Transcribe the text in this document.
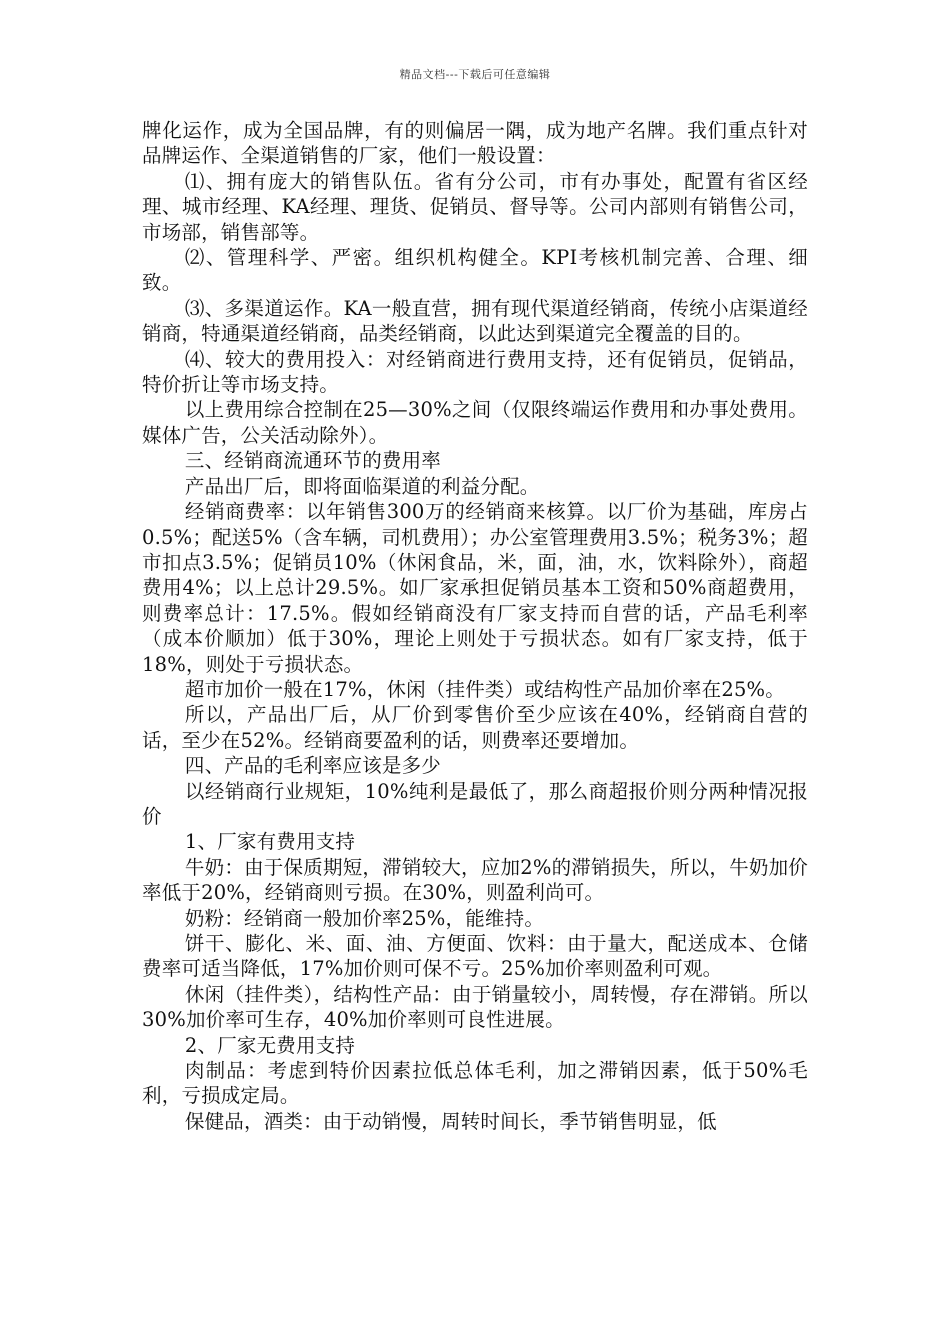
精品文档---下载后可任意编辑

牌化运作，成为全国品牌，有的则偏居一隅，成为地产名牌。我们重点针对品牌运作、全渠道销售的厂家，他们一般设置：

⑴、拥有庞大的销售队伍。省有分公司，市有办事处，配置有省区经理、城市经理、KA经理、理货、促销员、督导等。公司内部则有销售公司，市场部，销售部等。

⑵、管理科学、严密。组织机构健全。KPI考核机制完善、合理、细致。

⑶、多渠道运作。KA一般直营，拥有现代渠道经销商，传统小店渠道经销商，特通渠道经销商，品类经销商，以此达到渠道完全覆盖的目的。

⑷、较大的费用投入：对经销商进行费用支持，还有促销员，促销品，特价折让等市场支持。

以上费用综合控制在25—30%之间（仅限终端运作费用和办事处费用。媒体广告，公关活动除外）。

三、经销商流通环节的费用率

产品出厂后，即将面临渠道的利益分配。

经销商费率：以年销售300万的经销商来核算。以厂价为基础，库房占0.5%；配送5%（含车辆，司机费用）；办公室管理费用3.5%；税务3%；超市扣点3.5%；促销员10%（休闲食品，米，面，油，水，饮料除外），商超费用4%；以上总计29.5%。如厂家承担促销员基本工资和50%商超费用，则费率总计：17.5%。假如经销商没有厂家支持而自营的话，产品毛利率（成本价顺加）低于30%，理论上则处于亏损状态。如有厂家支持，低于18%，则处于亏损状态。

超市加价一般在17%，休闲（挂件类）或结构性产品加价率在25%。

所以，产品出厂后，从厂价到零售价至少应该在40%，经销商自营的话，至少在52%。经销商要盈利的话，则费率还要增加。

四、产品的毛利率应该是多少

以经销商行业规矩，10%纯利是最低了，那么商超报价则分两种情况报价

1、厂家有费用支持

牛奶：由于保质期短，滞销较大，应加2%的滞销损失，所以，牛奶加价率低于20%，经销商则亏损。在30%，则盈利尚可。

奶粉：经销商一般加价率25%，能维持。

饼干、膨化、米、面、油、方便面、饮料：由于量大，配送成本、仓储费率可适当降低，17%加价则可保不亏。25%加价率则盈利可观。

休闲（挂件类），结构性产品：由于销量较小，周转慢，存在滞销。所以30%加价率可生存，40%加价率则可良性进展。

2、厂家无费用支持

肉制品：考虑到特价因素拉低总体毛利，加之滞销因素，低于50%毛利，亏损成定局。

保健品，酒类：由于动销慢，周转时间长，季节销售明显，低
